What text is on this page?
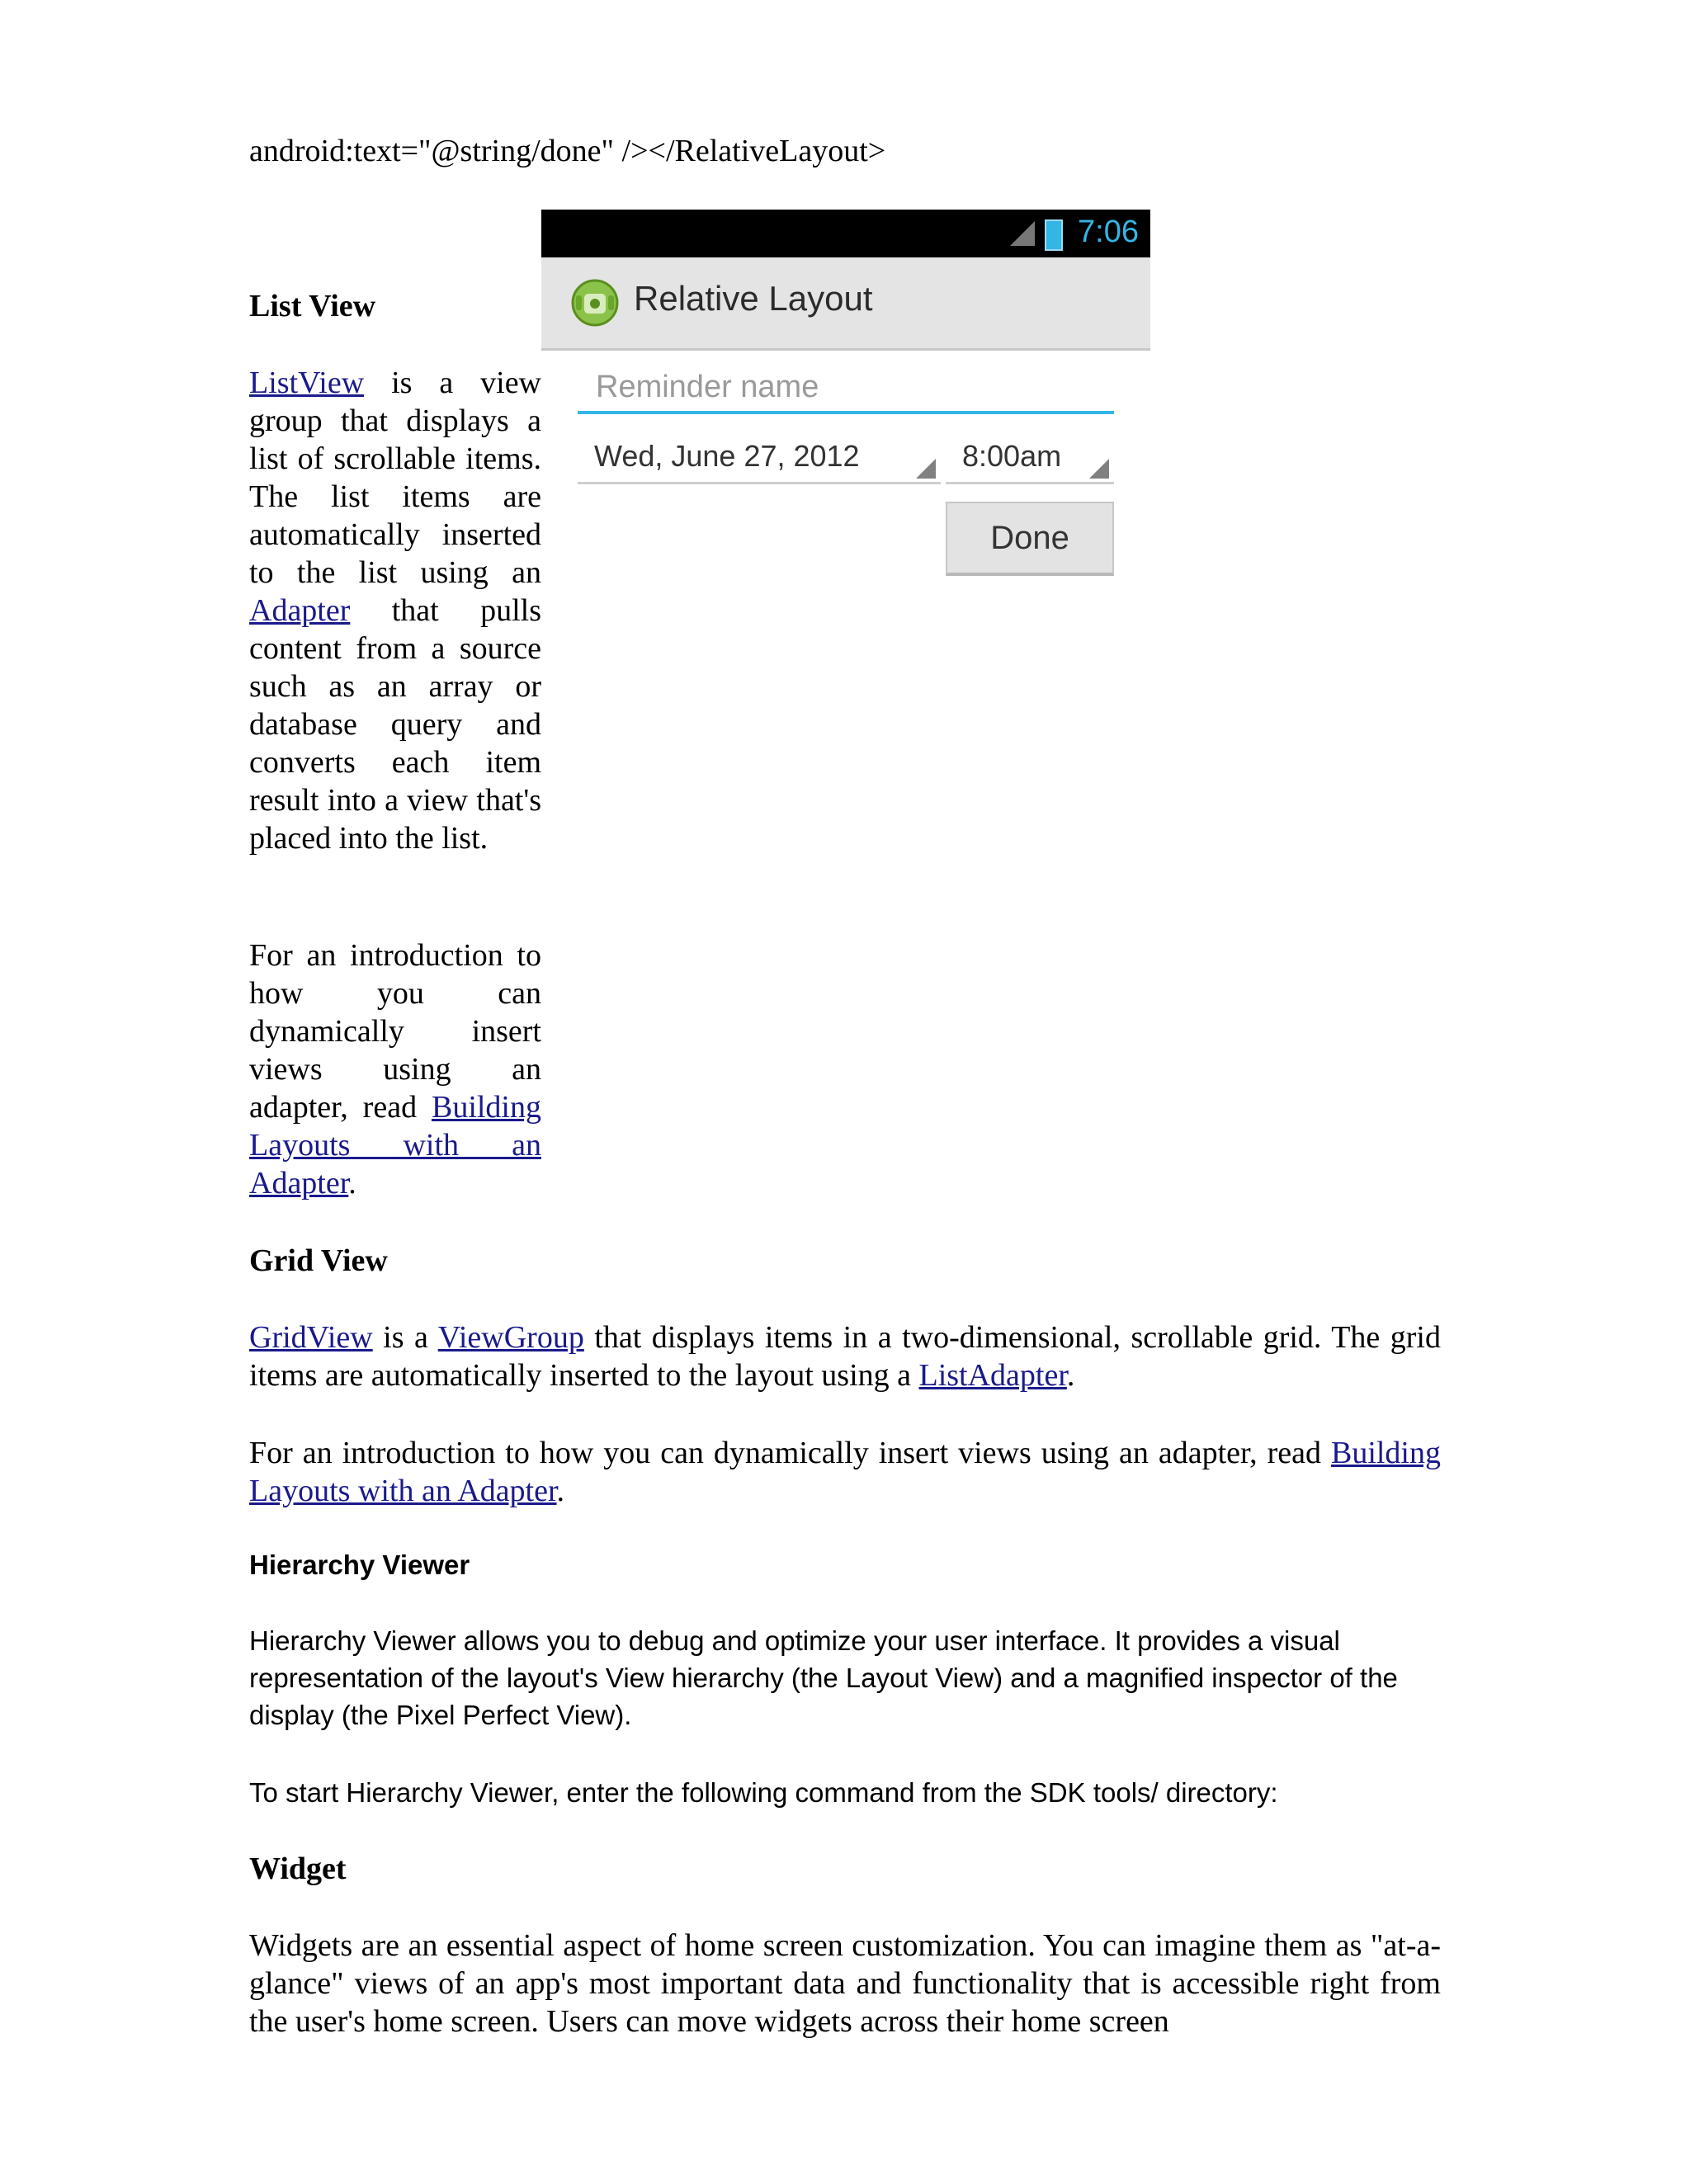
android:text="@string/done" /></RelativeLayout>
7:06
Relative Layout
Reminder name
Wed, June 27, 2012	8:00am
Done
List View
ListView is a view group that displays a list of scrollable items. The list items are automatically inserted to the list using an Adapter that pulls content from a source such as an array or database query and converts each item result into a view that's placed into the list.
For an introduction to how you can dynamically insert views using an adapter, read Building Layouts with an Adapter.
Grid View
GridView is a ViewGroup that displays items in a two-dimensional, scrollable grid. The grid items are automatically inserted to the layout using a ListAdapter.
For an introduction to how you can dynamically insert views using an adapter, read Building Layouts with an Adapter.
Hierarchy Viewer
Hierarchy Viewer allows you to debug and optimize your user interface. It provides a visual representation of the layout's View hierarchy (the Layout View) and a magnified inspector of the display (the Pixel Perfect View).
To start Hierarchy Viewer, enter the following command from the SDK tools/ directory:
Widget
Widgets are an essential aspect of home screen customization. You can imagine them as "at-a-glance" views of an app's most important data and functionality that is accessible right from the user's home screen. Users can move widgets across their home screen
